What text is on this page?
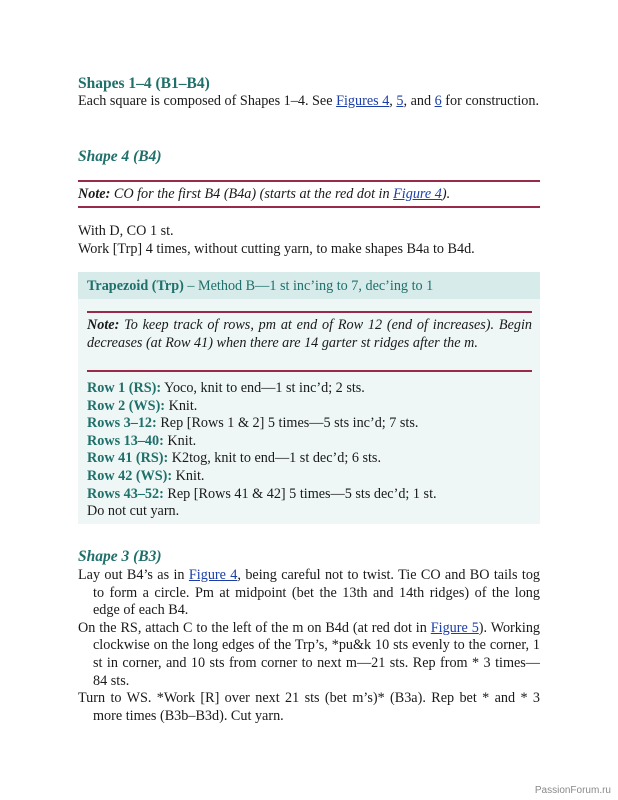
Shapes 1–4 (B1–B4)

Each square is composed of Shapes 1–4. See Figures 4, 5, and 6 for construction.

Shape 4 (B4)

Note: CO for the first B4 (B4a) (starts at the red dot in Figure 4).

With D, CO 1 st.

Work [Trp] 4 times, without cutting yarn, to make shapes B4a to B4d.

Trapezoid (Trp) – Method B—1 st inc’ing to 7, dec’ing to 1

Note: To keep track of rows, pm at end of Row 12 (end of increases). Begin decreases (at Row 41) when there are 14 garter st ridges after the m.

Row 1 (RS): Yoco, knit to end—1 st inc’d; 2 sts.

Row 2 (WS): Knit.

Rows 3–12: Rep [Rows 1 & 2] 5 times—5 sts inc’d; 7 sts.

Rows 13–40: Knit.

Row 41 (RS): K2tog, knit to end—1 st dec’d; 6 sts.

Row 42 (WS): Knit.

Rows 43–52: Rep [Rows 41 & 42] 5 times—5 sts dec’d; 1 st.

Do not cut yarn.

Shape 3 (B3)

Lay out B4’s as in Figure 4, being careful not to twist. Tie CO and BO tails tog to form a circle. Pm at midpoint (bet the 13th and 14th ridges) of the long edge of each B4.

On the RS, attach C to the left of the m on B4d (at red dot in Figure 5). Working clockwise on the long edges of the Trp’s, *pu&k 10 sts evenly to the corner, 1 st in corner, and 10 sts from corner to next m—21 sts. Rep from * 3 times—84 sts.

Turn to WS. *Work [R] over next 21 sts (bet m’s)* (B3a). Rep bet * and * 3 more times (B3b–B3d). Cut yarn.

PassionForum.ru
